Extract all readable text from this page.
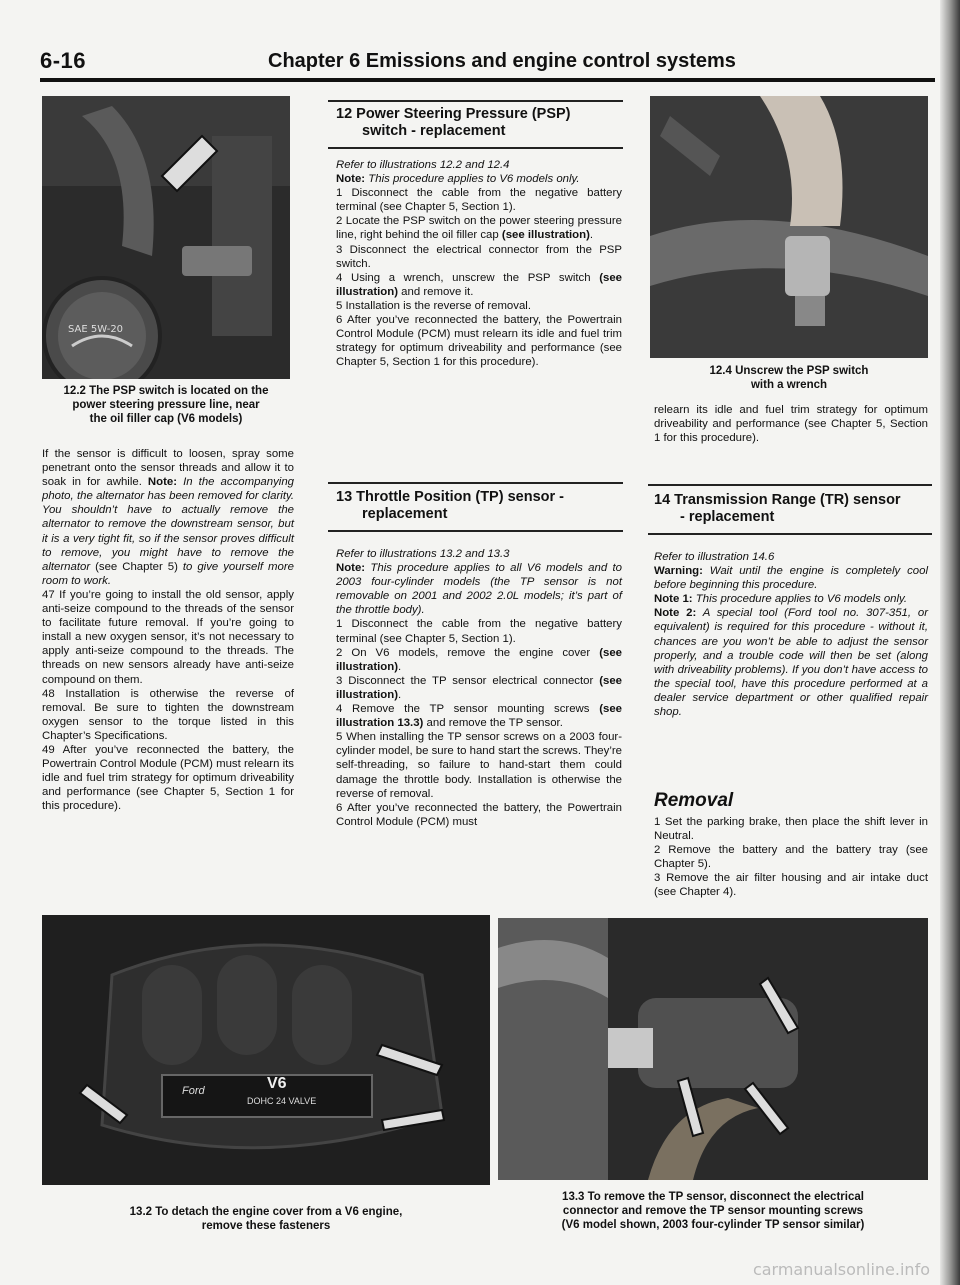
6-16	Chapter 6 Emissions and engine control systems
SAE 5W-20
12.2 The PSP switch is located on the
power steering pressure line, near
the oil filler cap (V6 models)

If the sensor is difficult to loosen, spray some penetrant onto the sensor threads and allow it to soak in for awhile. Note: In the accompanying photo, the alternator has been removed for clarity. You shouldn’t have to actually remove the alternator to remove the downstream sensor, but it is a very tight fit, so if the sensor proves difficult to remove, you might have to remove the alternator (see Chapter 5) to give yourself more room to work.

47 If you’re going to install the old sensor, apply anti-seize compound to the threads of the sensor to facilitate future removal. If you’re going to install a new oxygen sensor, it’s not necessary to apply anti-seize compound to the threads. The threads on new sensors already have anti-seize compound on them.

48 Installation is otherwise the reverse of removal. Be sure to tighten the downstream oxygen sensor to the torque listed in this Chapter’s Specifications.

49 After you’ve reconnected the battery, the Powertrain Control Module (PCM) must relearn its idle and fuel trim strategy for optimum driveability and performance (see Chapter 5, Section 1 for this procedure).

12 Power Steering Pressure (PSP)
switch - replacement

Refer to illustrations 12.2 and 12.4

Note: This procedure applies to V6 models only.

1 Disconnect the cable from the negative battery terminal (see Chapter 5, Section 1).

2 Locate the PSP switch on the power steering pressure line, right behind the oil filler cap (see illustration).

3 Disconnect the electrical connector from the PSP switch.

4 Using a wrench, unscrew the PSP switch (see illustration) and remove it.

5 Installation is the reverse of removal.

6 After you’ve reconnected the battery, the Powertrain Control Module (PCM) must relearn its idle and fuel trim strategy for optimum driveability and performance (see Chapter 5, Section 1 for this procedure).

13 Throttle Position (TP) sensor -
replacement

Refer to illustrations 13.2 and 13.3

Note: This procedure applies to all V6 models and to 2003 four-cylinder models (the TP sensor is not removable on 2001 and 2002 2.0L models; it’s part of the throttle body).

1 Disconnect the cable from the negative battery terminal (see Chapter 5, Section 1).

2 On V6 models, remove the engine cover (see illustration).

3 Disconnect the TP sensor electrical connector (see illustration).

4 Remove the TP sensor mounting screws (see illustration 13.3) and remove the TP sensor.

5 When installing the TP sensor screws on a 2003 four-cylinder model, be sure to hand start the screws. They’re self-threading, so failure to hand-start them could damage the throttle body. Installation is otherwise the reverse of removal.

6 After you’ve reconnected the battery, the Powertrain Control Module (PCM) must

12.4 Unscrew the PSP switch
with a wrench
relearn its idle and fuel trim strategy for optimum driveability and performance (see Chapter 5, Section 1 for this procedure).
14 Transmission Range (TR) sensor
- replacement

Refer to illustration 14.6

Warning: Wait until the engine is completely cool before beginning this procedure.

Note 1: This procedure applies to V6 models only.

Note 2: A special tool (Ford tool no. 307-351, or equivalent) is required for this procedure - without it, chances are you won’t be able to adjust the sensor properly, and a trouble code will then be set (along with driveability problems). If you don’t have access to the special tool, have this procedure performed at a dealer service department or other qualified repair shop.

Removal

1 Set the parking brake, then place the shift lever in Neutral.

2 Remove the battery and the battery tray (see Chapter 5).

3 Remove the air filter housing and air intake duct (see Chapter 4).

Ford	V6
DOHC 24 VALVE
13.2 To detach the engine cover from a V6 engine,
remove these fasteners
13.3 To remove the TP sensor, disconnect the electrical
connector and remove the TP sensor mounting screws
(V6 model shown, 2003 four-cylinder TP sensor similar)
carmanualsonline.info
